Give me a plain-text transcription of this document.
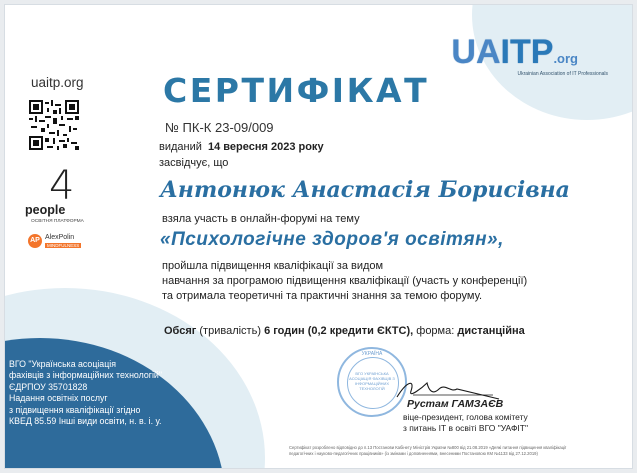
uaitp.org
4
people
ОСВІТНЯ ПЛАТФОРМА
AP AlexPolin
MINDFULNESS
UAITP.org
Ukrainian Association of IT Professionals
СЕРТИФІКАТ
№ ПК-К 23-09/009
виданий 14 вересня 2023 року
засвідчує, що
Антонюк Анастасія Борисівна
взяла участь в онлайн-форумі на тему
«Психологічне здоров'я освітян»,
пройшла підвищення кваліфікації за видом
навчання за програмою підвищення кваліфікації (участь у конференції)
та отримала теоретичні та практичні знання за темою форуму.
Обсяг (тривалість) 6 годин (0,2 кредити ЄКТС), форма: дистанційна
УКРАЇНА
ВГО УКРАЇНСЬКА АСОЦІАЦІЯ ФАХІВЦІВ З ІНФОРМАЦІЙНИХ ТЕХНОЛОГІЙ
Рустам ГАМЗАЄВ
віце-президент, голова комітету
з питань ІТ в освіті ВГО "УАФІТ"
ВГО "Українська асоціація
фахівців з інформаційних технологій"
ЄДРПОУ 35701828
Надання освітніх послуг
з підвищення кваліфікації згідно
КВЕД 85.59 Інші види освіти, н. в. і. у.
Сертифікат розроблено відповідно до п.13 Постанови Кабінету Міністрів України №800 від 21.08.2019 «Деякі питання підвищення кваліфікації
педагогічних і науково-педагогічних працівників» (із змінами і доповненнями, внесеними Постановою КМ №1133 від 27.12.2019)
